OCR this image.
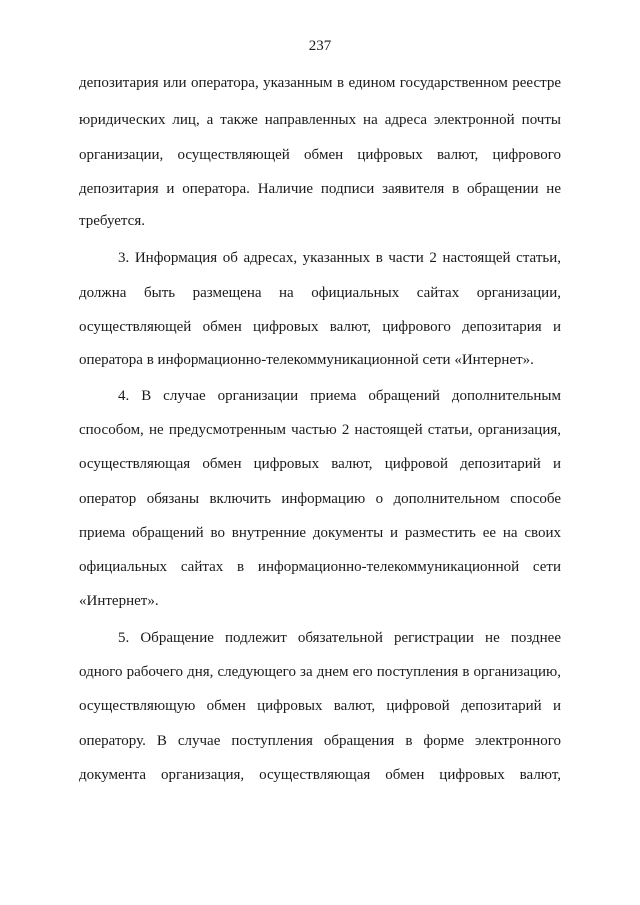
237
депозитария или оператора, указанным в едином государственном реестре
юридических лиц, а также направленных на адреса электронной почты
организации, осуществляющей обмен цифровых валют, цифрового
депозитария и оператора. Наличие подписи заявителя в обращении не
требуется.
3. Информация об адресах, указанных в части 2 настоящей статьи,
должна быть размещена на официальных сайтах организации,
осуществляющей обмен цифровых валют, цифрового депозитария и
оператора в информационно-телекоммуникационной сети «Интернет».
4. В случае организации приема обращений дополнительным
способом, не предусмотренным частью 2 настоящей статьи, организация,
осуществляющая обмен цифровых валют, цифровой депозитарий и
оператор обязаны включить информацию о дополнительном способе
приема обращений во внутренние документы и разместить ее на своих
официальных сайтах в информационно-телекоммуникационной сети
«Интернет».
5. Обращение подлежит обязательной регистрации не позднее
одного рабочего дня, следующего за днем его поступления в организацию,
осуществляющую обмен цифровых валют, цифровой депозитарий и
оператору. В случае поступления обращения в форме электронного
документа организация, осуществляющая обмен цифровых валют,
